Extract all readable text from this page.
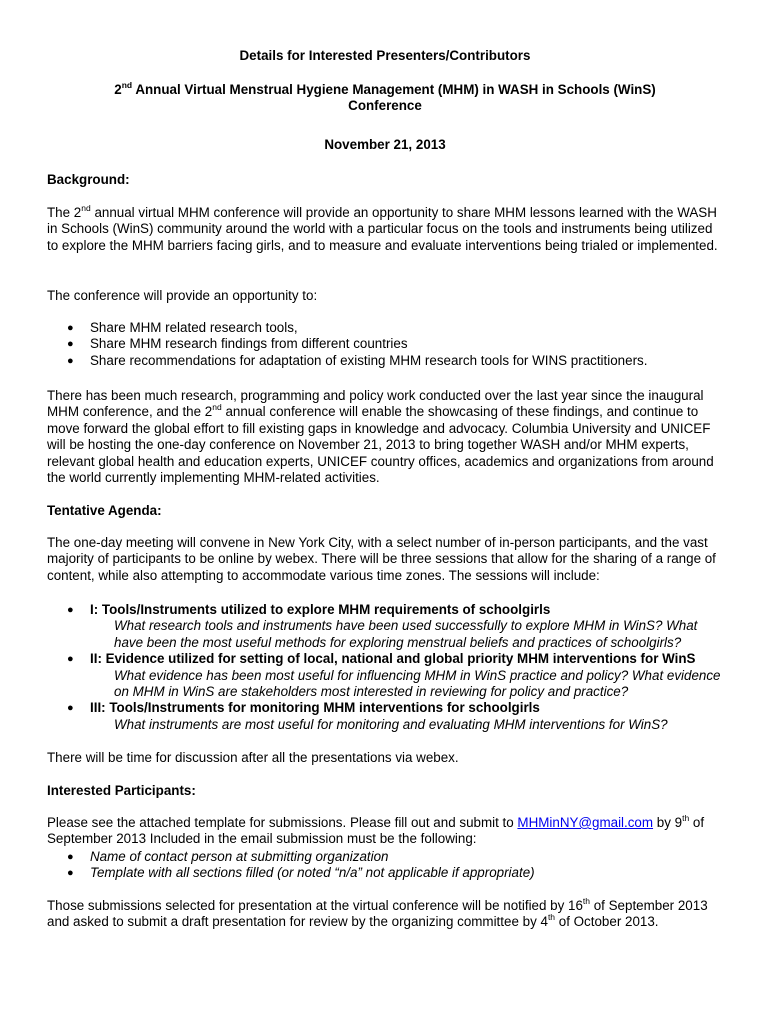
Details for Interested Presenters/Contributors

2nd Annual Virtual Menstrual Hygiene Management (MHM) in WASH in Schools (WinS)
Conference

November 21, 2013

Background:

The 2nd annual virtual MHM conference will provide an opportunity to share MHM lessons learned with the WASH in Schools (WinS) community around the world with a particular focus on the tools and instruments being utilized to explore the MHM barriers facing girls, and to measure and evaluate interventions being trialed or implemented.

The conference will provide an opportunity to:

● Share MHM related research tools,
● Share MHM research findings from different countries
● Share recommendations for adaptation of existing MHM research tools for WINS practitioners.

There has been much research, programming and policy work conducted over the last year since the inaugural MHM conference, and the 2nd annual conference will enable the showcasing of these findings, and continue to move forward the global effort to fill existing gaps in knowledge and advocacy. Columbia University and UNICEF will be hosting the one-day conference on November 21, 2013 to bring together WASH and/or MHM experts, relevant global health and education experts, UNICEF country offices, academics and organizations from around the world currently implementing MHM-related activities.

Tentative Agenda:

The one-day meeting will convene in New York City, with a select number of in-person participants, and the vast majority of participants to be online by webex. There will be three sessions that allow for the sharing of a range of content, while also attempting to accommodate various time zones. The sessions will include:

● I: Tools/Instruments utilized to explore MHM requirements of schoolgirls
What research tools and instruments have been used successfully to explore MHM in WinS? What have been the most useful methods for exploring menstrual beliefs and practices of schoolgirls?
● II: Evidence utilized for setting of local, national and global priority MHM interventions for WinS
What evidence has been most useful for influencing MHM in WinS practice and policy? What evidence on MHM in WinS are stakeholders most interested in reviewing for policy and practice?
● III: Tools/Instruments for monitoring MHM interventions for schoolgirls
What instruments are most useful for monitoring and evaluating MHM interventions for WinS?

There will be time for discussion after all the presentations via webex.

Interested Participants:

Please see the attached template for submissions. Please fill out and submit to MHMinNY@gmail.com by 9th of September 2013 Included in the email submission must be the following:

● Name of contact person at submitting organization
● Template with all sections filled (or noted “n/a” not applicable if appropriate)

Those submissions selected for presentation at the virtual conference will be notified by 16th of September 2013 and asked to submit a draft presentation for review by the organizing committee by 4th of October 2013.
